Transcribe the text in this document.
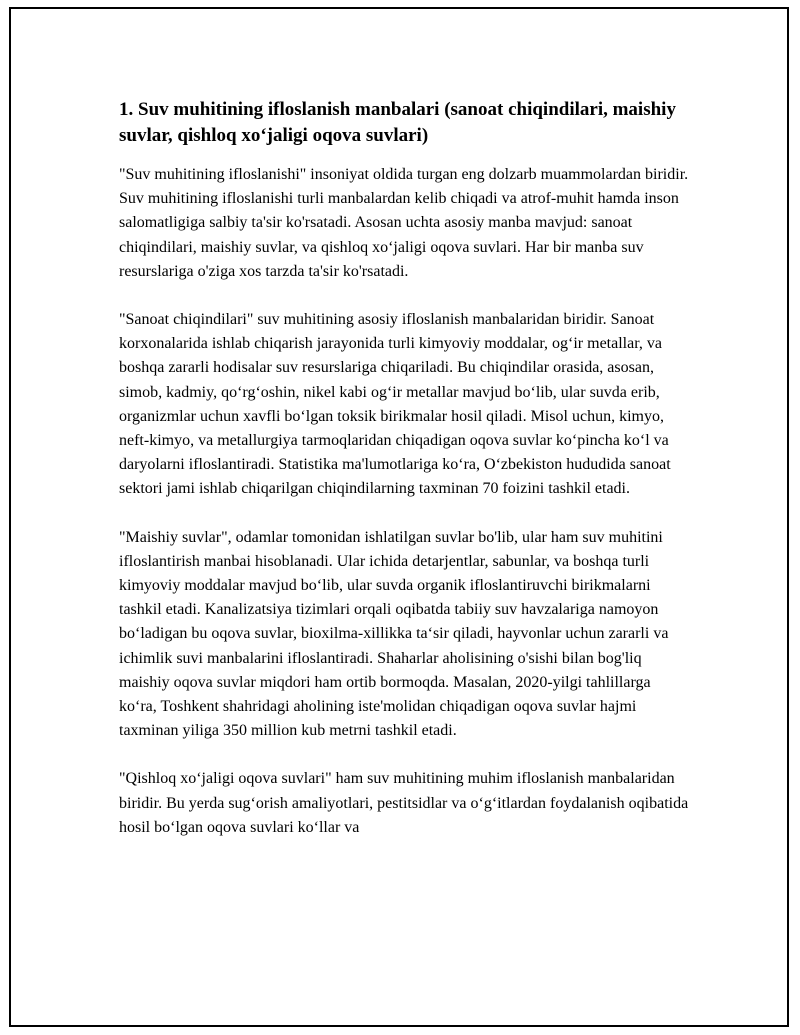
1. Suv muhitining ifloslanish manbalari (sanoat chiqindilari, maishiy suvlar, qishloq xo‘jaligi oqova suvlari)

"Suv muhitining ifloslanishi" insoniyat oldida turgan eng dolzarb muammolardan biridir. Suv muhitining ifloslanishi turli manbalardan kelib chiqadi va atrof-muhit hamda inson salomatligiga salbiy ta'sir ko'rsatadi. Asosan uchta asosiy manba mavjud: sanoat chiqindilari, maishiy suvlar, va qishloq xo‘jaligi oqova suvlari. Har bir manba suv resurslariga o'ziga xos tarzda ta'sir ko'rsatadi.

"Sanoat chiqindilari" suv muhitining asosiy ifloslanish manbalaridan biridir. Sanoat korxonalarida ishlab chiqarish jarayonida turli kimyoviy moddalar, og‘ir metallar, va boshqa zararli hodisalar suv resurslariga chiqariladi. Bu chiqindilar orasida, asosan, simob, kadmiy, qo‘rg‘oshin, nikel kabi og‘ir metallar mavjud bo‘lib, ular suvda erib, organizmlar uchun xavfli bo‘lgan toksik birikmalar hosil qiladi. Misol uchun, kimyo, neft-kimyo, va metallurgiya tarmoqlaridan chiqadigan oqova suvlar ko‘pincha ko‘l va daryolarni ifloslantiradi. Statistika ma'lumotlariga ko‘ra, O‘zbekiston hududida sanoat sektori jami ishlab chiqarilgan chiqindilarning taxminan 70 foizini tashkil etadi.

"Maishiy suvlar", odamlar tomonidan ishlatilgan suvlar bo'lib, ular ham suv muhitini ifloslantirish manbai hisoblanadi. Ular ichida detarjentlar, sabunlar, va boshqa turli kimyoviy moddalar mavjud bo‘lib, ular suvda organik ifloslantiruvchi birikmalarni tashkil etadi. Kanalizatsiya tizimlari orqali oqibatda tabiiy suv havzalariga namoyon bo‘ladigan bu oqova suvlar, bioxilma-xillikka ta‘sir qiladi, hayvonlar uchun zararli va ichimlik suvi manbalarini ifloslantiradi. Shaharlar aholisining o'sishi bilan bog'liq maishiy oqova suvlar miqdori ham ortib bormoqda. Masalan, 2020-yilgi tahlillarga ko‘ra, Toshkent shahridagi aholining iste'molidan chiqadigan oqova suvlar hajmi taxminan yiliga 350 million kub metrni tashkil etadi.

"Qishloq xo‘jaligi oqova suvlari" ham suv muhitining muhim ifloslanish manbalaridan biridir. Bu yerda sug‘orish amaliyotlari, pestitsidlar va o‘g‘itlardan foydalanish oqibatida hosil bo‘lgan oqova suvlari ko‘llar va
